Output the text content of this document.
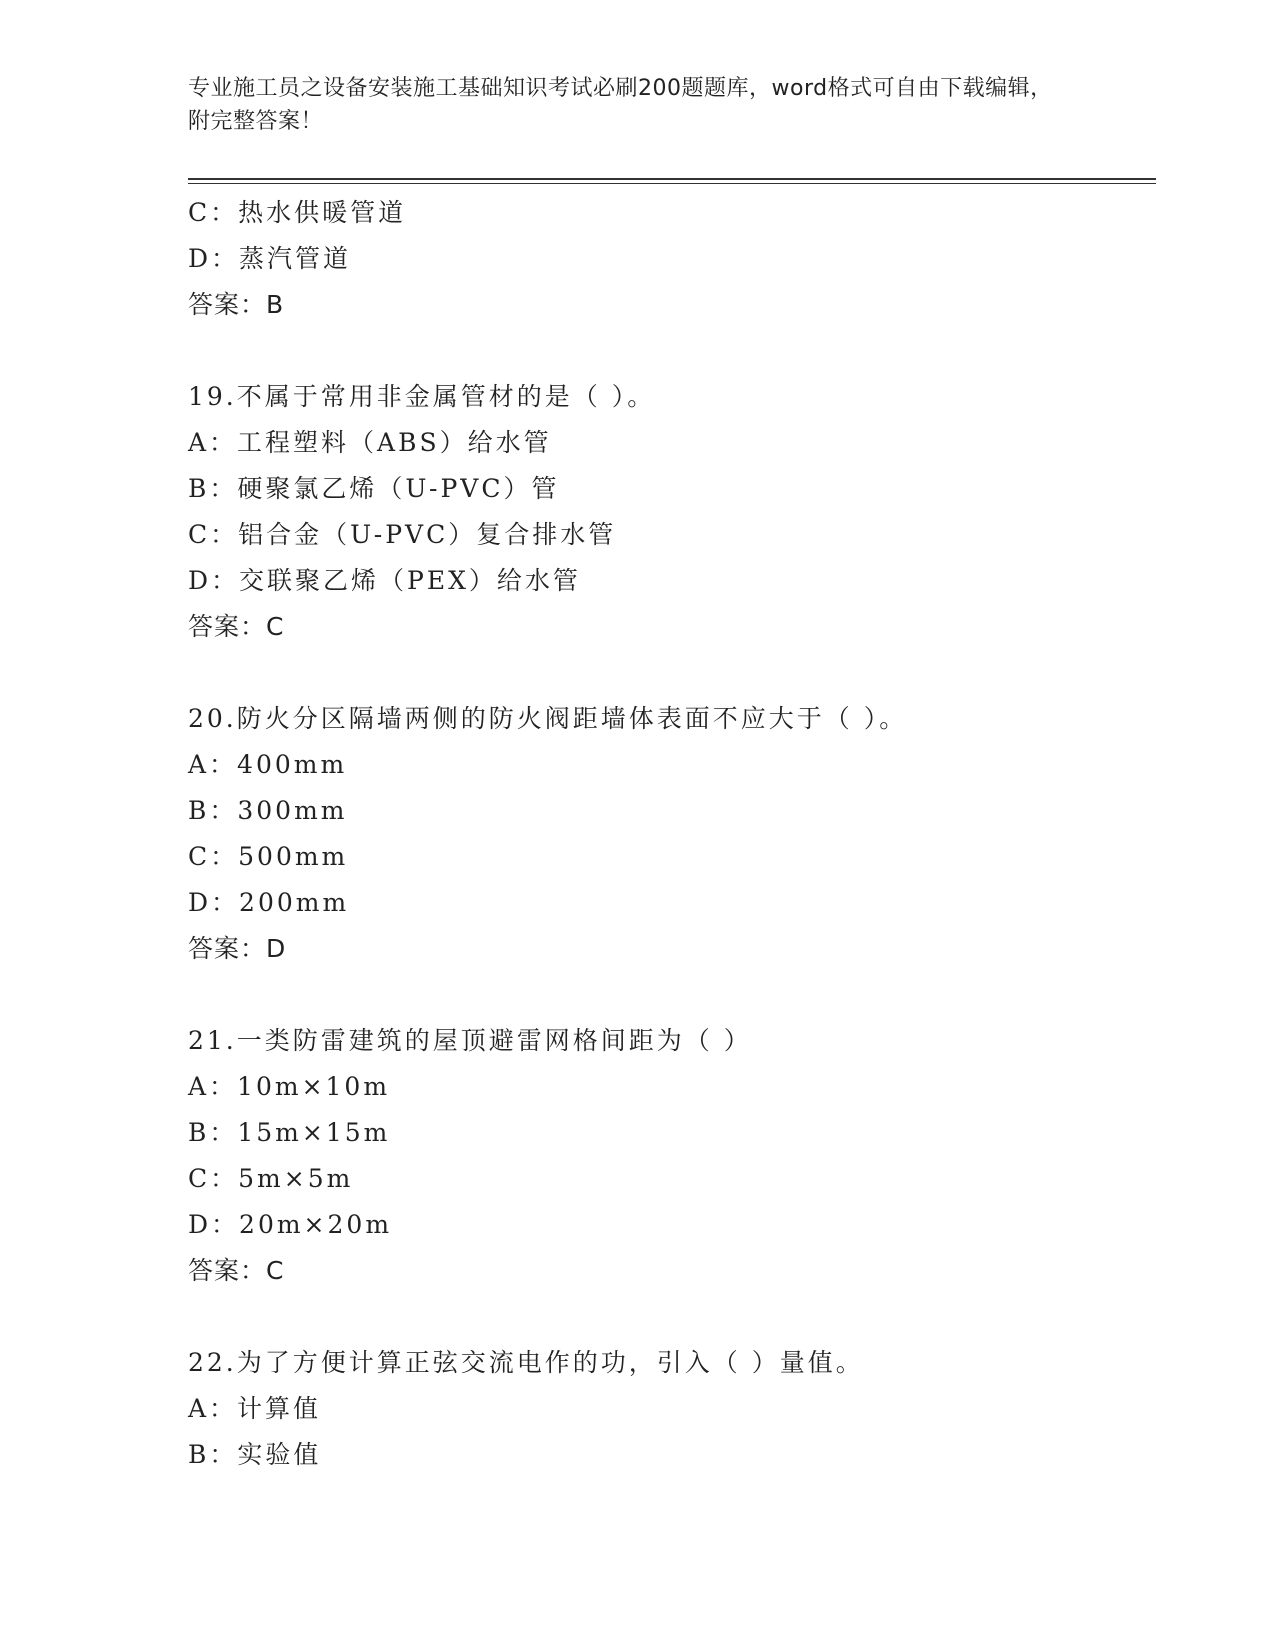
专业施工员之设备安装施工基础知识考试必刷200题题库，word格式可自由下载编辑，附完整答案！
C：热水供暖管道
D：蒸汽管道
答案：B
19.不属于常用非金属管材的是（ ）。
A：工程塑料（ABS）给水管
B：硬聚氯乙烯（U-PVC）管
C：铝合金（U-PVC）复合排水管
D：交联聚乙烯（PEX）给水管
答案：C
20.防火分区隔墙两侧的防火阀距墙体表面不应大于（ ）。
A：400mm
B：300mm
C：500mm
D：200mm
答案：D
21.一类防雷建筑的屋顶避雷网格间距为（ ）
A：10m×10m
B：15m×15m
C：5m×5m
D：20m×20m
答案：C
22.为了方便计算正弦交流电作的功，引入（ ）量值。
A：计算值
B：实验值
